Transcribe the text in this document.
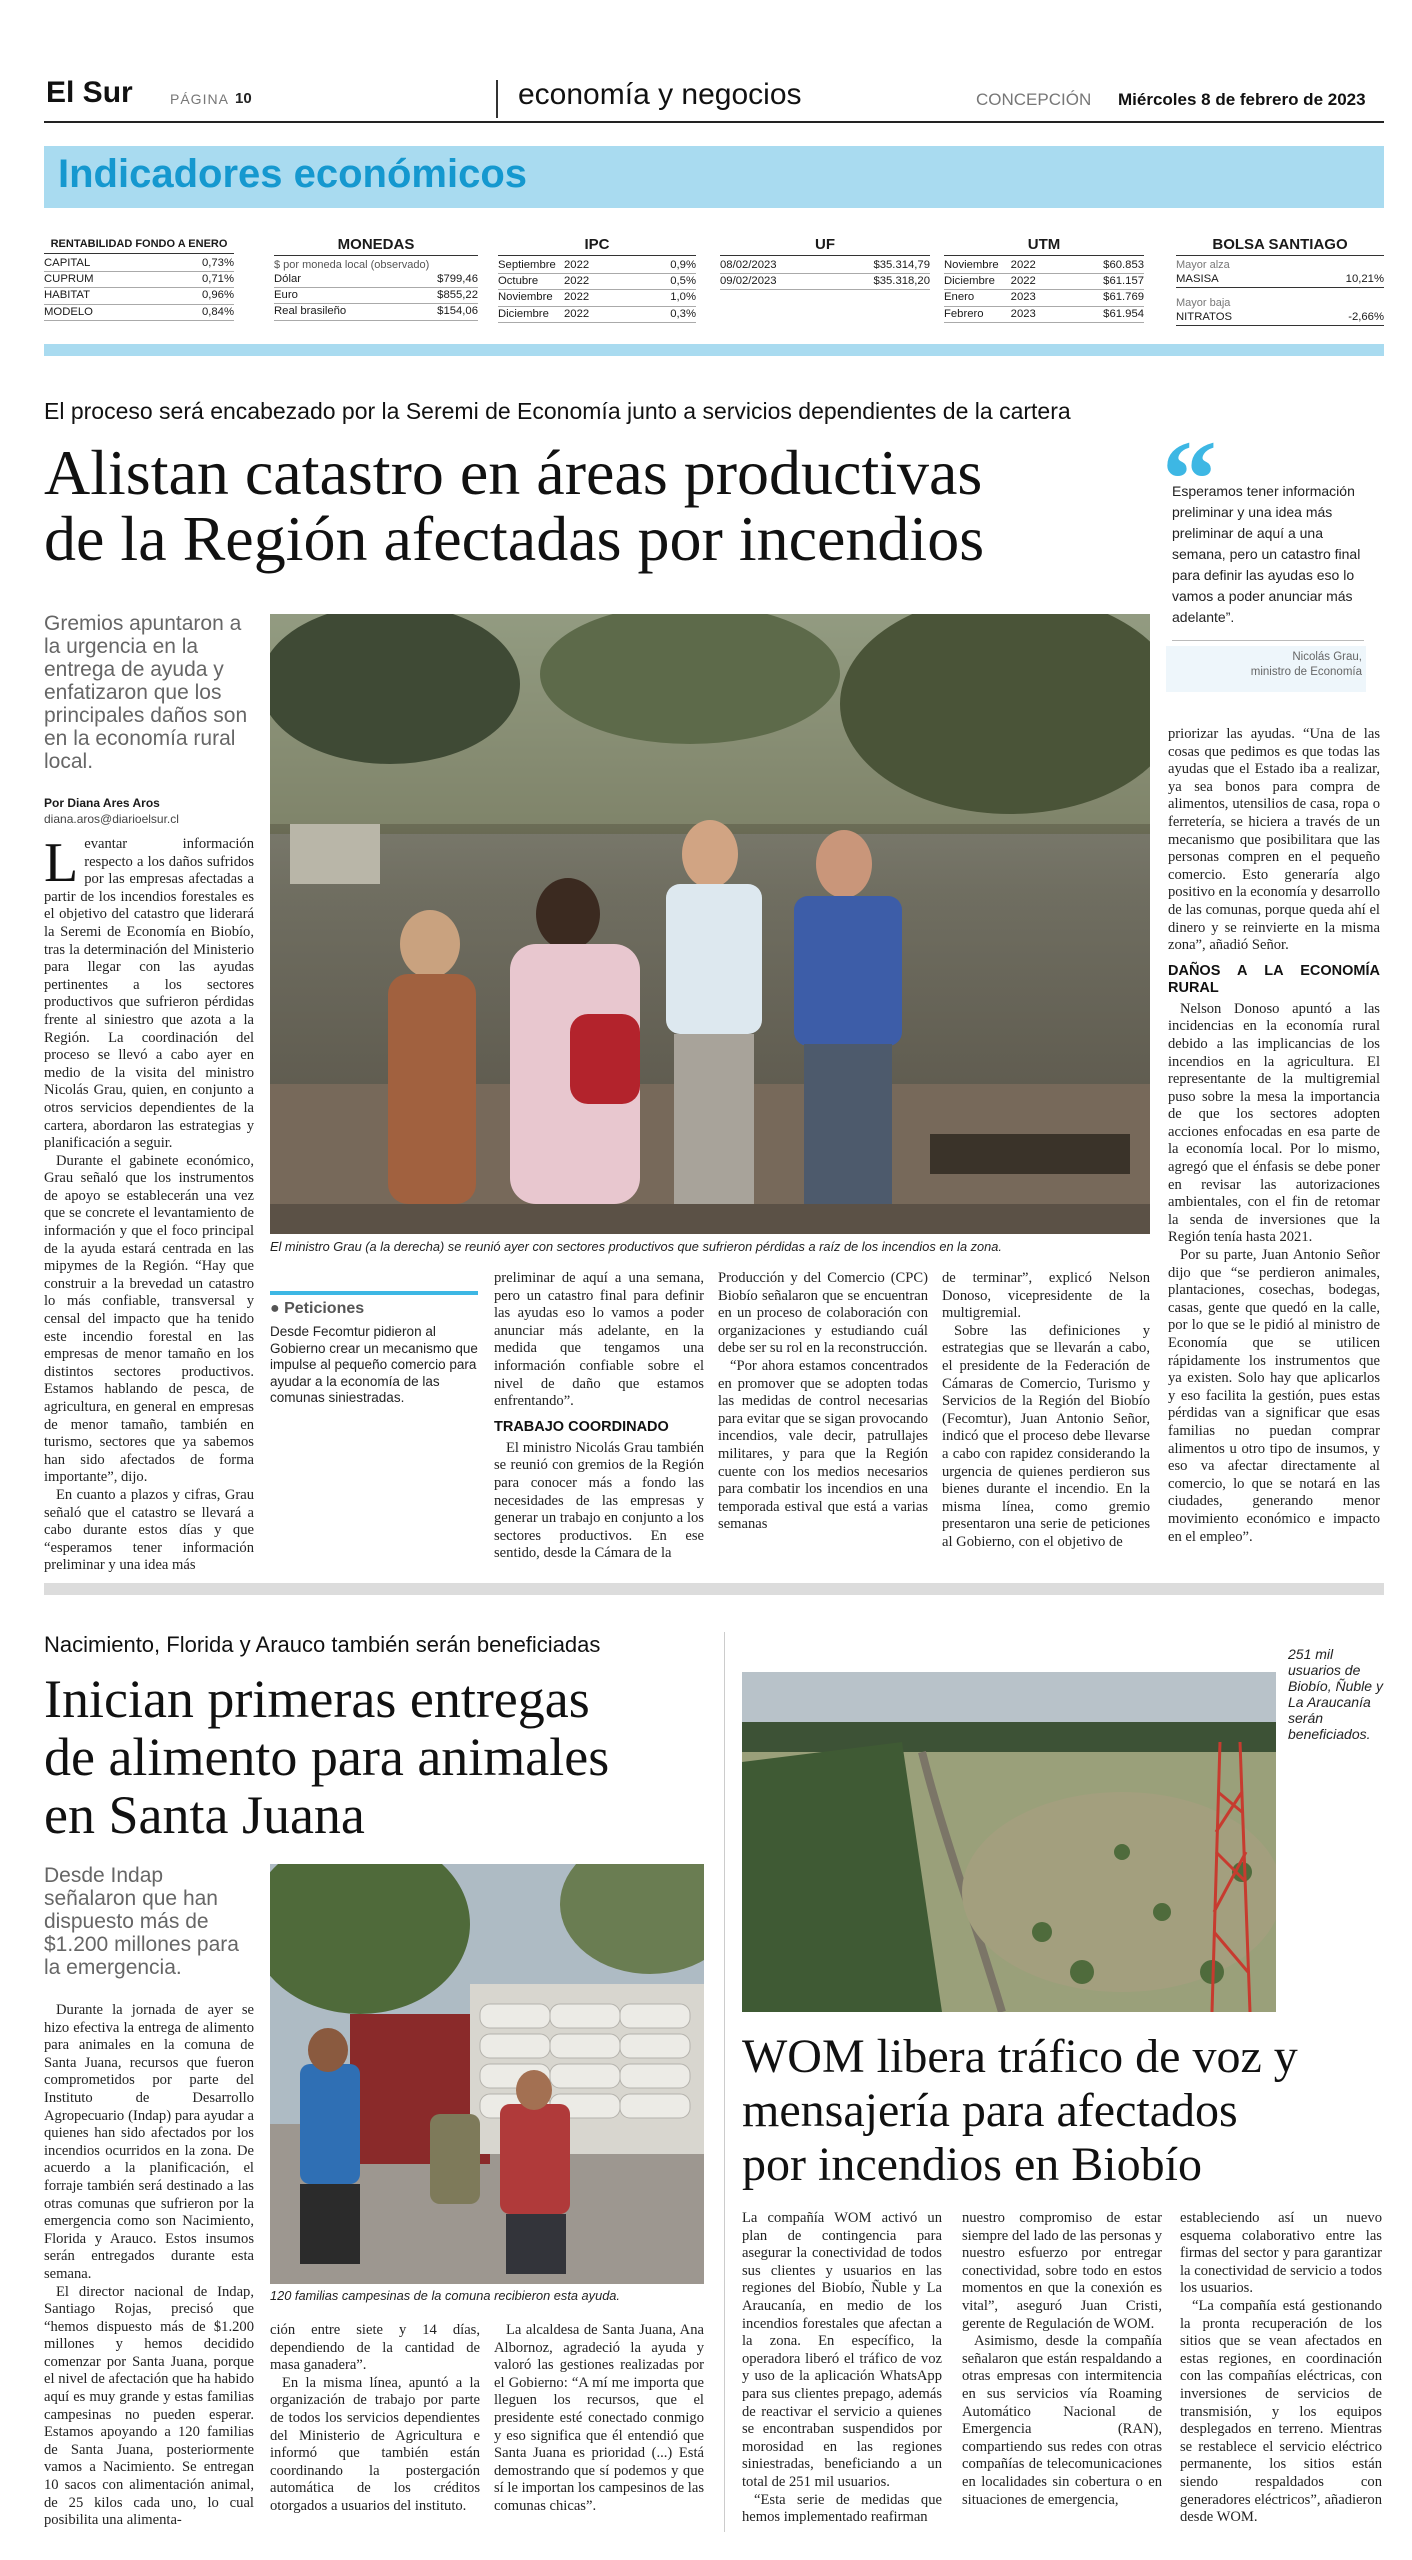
El Sur	PÁGINA 10	economía y negocios	CONCEPCIÓN Miércoles 8 de febrero de 2023
Indicadores económicos
RENTABILIDAD FONDO A ENERO
CAPITAL	0,73%
CUPRUM	0,71%
HABITAT	0,96%
MODELO	0,84%
MONEDAS
$ por moneda local (observado)
Dólar	$799,46
Euro	$855,22
Real brasileño	$154,06
IPC
Septiembre 2022	0,9%
Octubre	2022	0,5%
Noviembre	2022	1,0%
Diciembre	2022	0,3%
UF
08/02/2023	$35.314,79
09/02/2023	$35.318,20
UTM
Noviembre	2022	$60.853
Diciembre	2022	$61.157
Enero	2023	$61.769
Febrero	2023	$61.954
BOLSA SANTIAGO
Mayor alza
MASISA	10,21%
Mayor baja
NITRATOS	-2,66%
El proceso será encabezado por la Seremi de Economía junto a servicios dependientes de la cartera
Alistan catastro en áreas productivas
de la Región afectadas por incendios “
Esperamos tener información preliminar y una idea más preliminar de aquí a una semana, pero un catastro final para definir las ayudas eso lo vamos a poder anunciar más adelante”.
Nicolás Grau,
ministro de Economía
Gremios apuntaron a la urgencia en la entrega de ayuda y enfatizaron que los principales daños son en la economía rural local.
Por Diana Ares Aros
diana.aros@diarioelsur.cl
El ministro Grau (a la derecha) se reunió ayer con sectores productivos que sufrieron pérdidas a raíz de los incendios en la zona.

Levantar información respecto a los daños sufridos por las empresas afectadas a partir de los incendios forestales es el objetivo del catastro que liderará la Seremi de Economía en Biobío, tras la determinación del Ministerio para llegar con las ayudas pertinentes a los sectores productivos que sufrieron pérdidas frente al siniestro que azota a la Región. La coordinación del proceso se llevó a cabo ayer en medio de la visita del ministro Nicolás Grau, quien, en conjunto a otros servicios dependientes de la cartera, abordaron las estrategias y planificación a seguir.

Durante el gabinete económico, Grau señaló que los instrumentos de apoyo se establecerán una vez que se concrete el levantamiento de información y que el foco principal de la ayuda estará centrada en las mipymes de la Región. “Hay que construir a la brevedad un catastro lo más confiable, transversal y censal del impacto que ha tenido este incendio forestal en las empresas de menor tamaño en los distintos sectores productivos. Estamos hablando de pesca, de agricultura, en general en empresas de menor tamaño, también en turismo, sectores que ya sabemos han sido afectados de forma importante”, dijo.

En cuanto a plazos y cifras, Grau señaló que el catastro se llevará a cabo durante estos días y que “esperamos tener información preliminar y una idea más

● Peticiones
Desde Fecomtur pidieron al Gobierno crear un mecanismo que impulse al pequeño comercio para ayudar a la economía de las comunas siniestradas.

preliminar de aquí a una semana, pero un catastro final para definir las ayudas eso lo vamos a poder anunciar más adelante, en la medida que tengamos una información confiable sobre el nivel de daño que estamos enfrentando”.

TRABAJO COORDINADO

El ministro Nicolás Grau también se reunió con gremios de la Región para conocer más a fondo las necesidades de las empresas y generar un trabajo en conjunto a los sectores productivos. En ese sentido, desde la Cámara de la

Producción y del Comercio (CPC) Biobío señalaron que se encuentran en un proceso de colaboración con organizaciones y estudiando cuál debe ser su rol en la reconstrucción.

“Por ahora estamos concentrados en promover que se adopten todas las medidas de control necesarias para evitar que se sigan provocando incendios, vale decir, patrullajes militares, y para que la Región cuente con los medios necesarios para combatir los incendios en una temporada estival que está a varias semanas

de terminar”, explicó Nelson Donoso, vicepresidente de la multigremial.

Sobre las definiciones y estrategias que se llevarán a cabo, el presidente de la Federación de Cámaras de Comercio, Turismo y Servicios de la Región del Biobío (Fecomtur), Juan Antonio Señor, indicó que el proceso debe llevarse a cabo con rapidez considerando la urgencia de quienes perdieron sus bienes durante el incendio. En la misma línea, como gremio presentaron una serie de peticiones al Gobierno, con el objetivo de

priorizar las ayudas. “Una de las cosas que pedimos es que todas las ayudas que el Estado iba a realizar, ya sea bonos para compra de alimentos, utensilios de casa, ropa o ferretería, se hiciera a través de un mecanismo que posibilitara que las personas compren en el pequeño comercio. Esto generaría algo positivo en la economía y desarrollo de las comunas, porque queda ahí el dinero y se reinvierte en la misma zona”, añadió Señor.

DAÑOS A LA ECONOMÍA RURAL

Nelson Donoso apuntó a las incidencias en la economía rural debido a las implicancias de los incendios en la agricultura. El representante de la multigremial puso sobre la mesa la importancia de que los sectores adopten acciones enfocadas en esa parte de la economía local. Por lo mismo, agregó que el énfasis se debe poner en revisar las autorizaciones ambientales, con el fin de retomar la senda de inversiones que la Región tenía hasta 2021.

Por su parte, Juan Antonio Señor dijo que “se perdieron animales, plantaciones, cosechas, bodegas, casas, gente que quedó en la calle, por lo que se le pidió al ministro de Economía que se utilicen rápidamente los instrumentos que ya existen. Solo hay que aplicarlos y eso facilita la gestión, pues estas pérdidas van a significar que esas familias no puedan comprar alimentos u otro tipo de insumos, y eso va afectar directamente al comercio, lo que se notará en las ciudades, generando menor movimiento económico e impacto en el empleo”.

Nacimiento, Florida y Arauco también serán beneficiadas
Inician primeras entregas
de alimento para animales
en Santa Juana
Desde Indap señalaron que han dispuesto más de $1.200 millones para la emergencia.
120 familias campesinas de la comuna recibieron esta ayuda.

Durante la jornada de ayer se hizo efectiva la entrega de alimento para animales en la comuna de Santa Juana, recursos que fueron comprometidos por parte del Instituto de Desarrollo Agropecuario (Indap) para ayudar a quienes han sido afectados por los incendios ocurridos en la zona. De acuerdo a la planificación, el forraje también será destinado a las otras comunas que sufrieron por la emergencia como son Nacimiento, Florida y Arauco. Estos insumos serán entregados durante esta semana.

El director nacional de Indap, Santiago Rojas, precisó que “hemos dispuesto más de $1.200 millones y hemos decidido comenzar por Santa Juana, porque el nivel de afectación que ha habido aquí es muy grande y estas familias campesinas no pueden esperar. Estamos apoyando a 120 familias de Santa Juana, posteriormente vamos a Nacimiento. Se entregan 10 sacos con alimentación animal, de 25 kilos cada uno, lo cual posibilita una alimenta-

ción entre siete y 14 días, dependiendo de la cantidad de masa ganadera”.

En la misma línea, apuntó a la organización de trabajo por parte de todos los servicios dependientes del Ministerio de Agricultura e informó que también están coordinando la postergación automática de los créditos otorgados a usuarios del instituto.

La alcaldesa de Santa Juana, Ana Albornoz, agradeció la ayuda y valoró las gestiones realizadas por el Gobierno: “A mí me importa que lleguen los recursos, que el presidente esté conectado conmigo y eso significa que él entendió que Santa Juana es prioridad (...) Está demostrando que sí podemos y que sí le importan los campesinos de las comunas chicas”.

251 mil usuarios de Biobío, Ñuble y La Araucanía serán beneficiados.
WOM libera tráfico de voz y
mensajería para afectados
por incendios en Biobío

La compañía WOM activó un plan de contingencia para asegurar la conectividad de todos sus clientes y usuarios en las regiones del Biobío, Ñuble y La Araucanía, en medio de los incendios forestales que afectan a la zona. En específico, la operadora liberó el tráfico de voz y uso de la aplicación WhatsApp para sus clientes prepago, además de reactivar el servicio a quienes se encontraban suspendidos por morosidad en las regiones siniestradas, beneficiando a un total de 251 mil usuarios.

“Esta serie de medidas que hemos implementado reafirman

nuestro compromiso de estar siempre del lado de las personas y nuestro esfuerzo por entregar conectividad, sobre todo en estos momentos en que la conexión es vital”, aseguró Juan Cristi, gerente de Regulación de WOM.

Asimismo, desde la compañía señalaron que están respaldando a otras empresas con intermitencia en sus servicios vía Roaming Automático Nacional de Emergencia (RAN), compartiendo sus redes con otras compañías de telecomunicaciones en localidades sin cobertura o en situaciones de emergencia,

estableciendo así un nuevo esquema colaborativo entre las firmas del sector y para garantizar la conectividad de servicio a todos los usuarios.

“La compañía está gestionando la pronta recuperación de los sitios que se vean afectados en estas regiones, en coordinación con las compañías eléctricas, con inversiones de servicios de transmisión, y los equipos desplegados en terreno. Mientras se restablece el servicio eléctrico permanente, los sitios están siendo respaldados con generadores eléctricos”, añadieron desde WOM.
